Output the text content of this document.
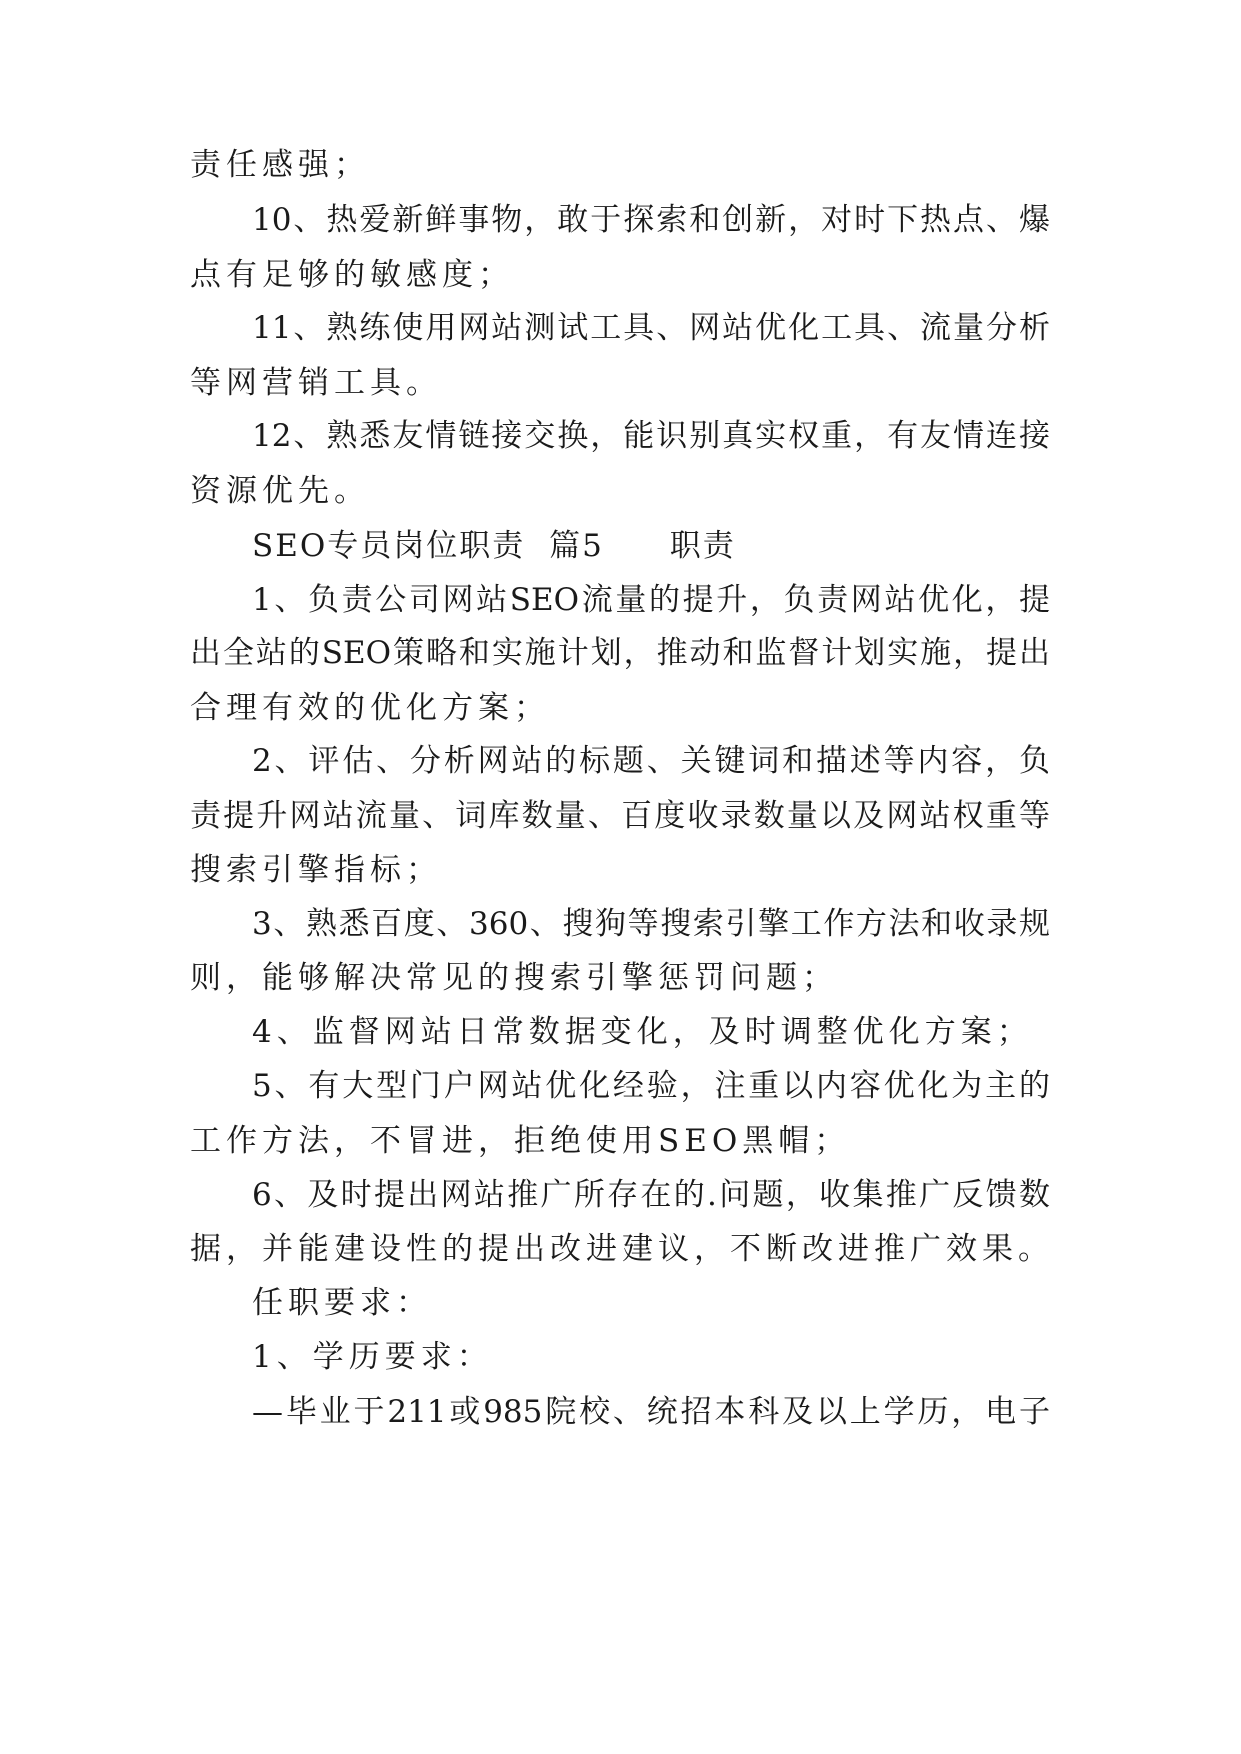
责任感强；
10、热爱新鲜事物，敢于探索和创新，对时下热点、爆
点有足够的敏感度；
11、熟练使用网站测试工具、网站优化工具、流量分析
等网营销工具。
12、熟悉友情链接交换，能识别真实权重，有友情连接
资源优先。
SEO专员岗位职责 篇5 职责
1、负责公司网站SEO流量的提升，负责网站优化，提
出全站的SEO策略和实施计划，推动和监督计划实施，提出
合理有效的优化方案；
2、评估、分析网站的标题、关键词和描述等内容，负
责提升网站流量、词库数量、百度收录数量以及网站权重等
搜索引擎指标；
3、熟悉百度、360、搜狗等搜索引擎工作方法和收录规
则，能够解决常见的搜索引擎惩罚问题；
4、监督网站日常数据变化，及时调整优化方案；
5、有大型门户网站优化经验，注重以内容优化为主的
工作方法，不冒进，拒绝使用SEO黑帽；
6、及时提出网站推广所存在的.问题，收集推广反馈数
据，并能建设性的提出改进建议，不断改进推广效果。
任职要求：
1、学历要求：
—毕业于211或985院校、统招本科及以上学历，电子
